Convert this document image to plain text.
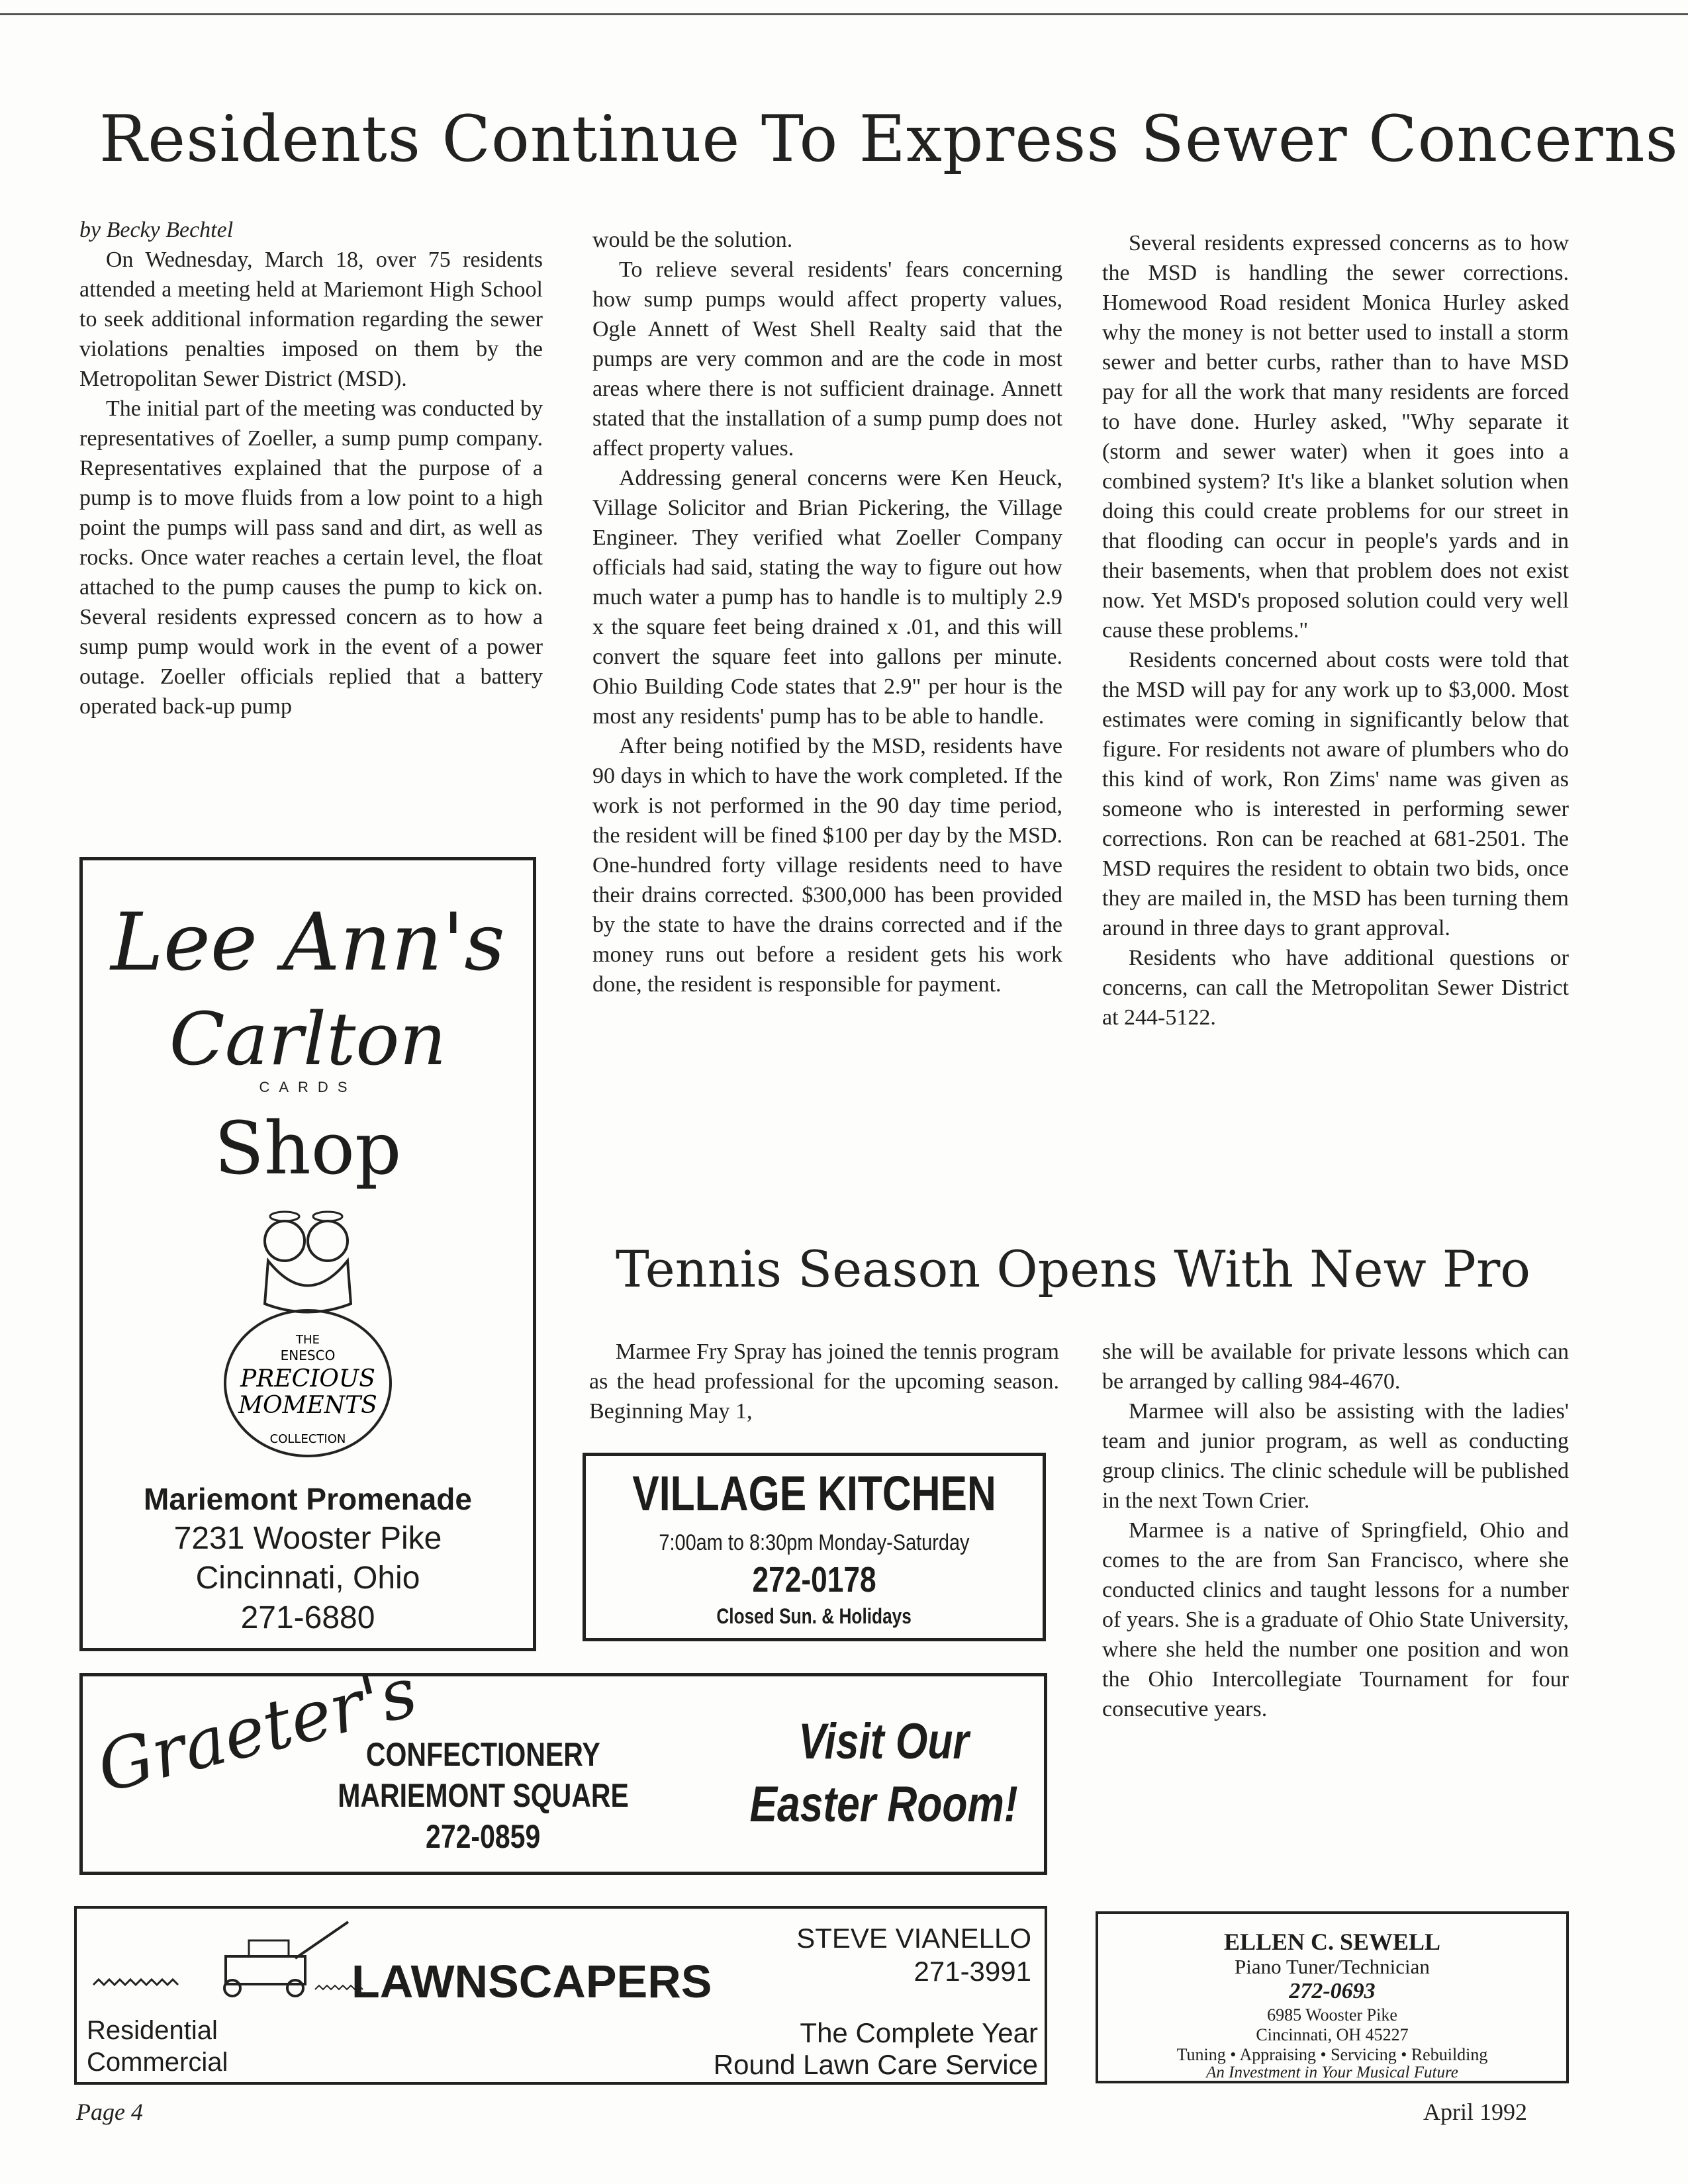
Residents Continue To Express Sewer Concerns

by Becky Bechtel

On Wednesday, March 18, over 75 residents attended a meeting held at Mariemont High School to seek additional information regarding the sewer violations penalties imposed on them by the Metropolitan Sewer District (MSD).

The initial part of the meeting was conducted by representatives of Zoeller, a sump pump company. Representatives explained that the purpose of a pump is to move fluids from a low point to a high point the pumps will pass sand and dirt, as well as rocks. Once water reaches a certain level, the float attached to the pump causes the pump to kick on. Several residents expressed concern as to how a sump pump would work in the event of a power outage. Zoeller officials replied that a battery operated back-up pump

would be the solution.

To relieve several residents' fears concerning how sump pumps would affect property values, Ogle Annett of West Shell Realty said that the pumps are very common and are the code in most areas where there is not sufficient drainage. Annett stated that the installation of a sump pump does not affect property values.

Addressing general concerns were Ken Heuck, Village Solicitor and Brian Pickering, the Village Engineer. They verified what Zoeller Company officials had said, stating the way to figure out how much water a pump has to handle is to multiply 2.9 x the square feet being drained x .01, and this will convert the square feet into gallons per minute. Ohio Building Code states that 2.9" per hour is the most any residents' pump has to be able to handle.

After being notified by the MSD, residents have 90 days in which to have the work completed. If the work is not performed in the 90 day time period, the resident will be fined $100 per day by the MSD. One-hundred forty village residents need to have their drains corrected. $300,000 has been provided by the state to have the drains corrected and if the money runs out before a resident gets his work done, the resident is responsible for payment.

Several residents expressed concerns as to how the MSD is handling the sewer corrections. Homewood Road resident Monica Hurley asked why the money is not better used to install a storm sewer and better curbs, rather than to have MSD pay for all the work that many residents are forced to have done. Hurley asked, "Why separate it (storm and sewer water) when it goes into a combined system? It's like a blanket solution when doing this could create problems for our street in that flooding can occur in people's yards and in their basements, when that problem does not exist now. Yet MSD's proposed solution could very well cause these problems."

Residents concerned about costs were told that the MSD will pay for any work up to $3,000. Most estimates were coming in significantly below that figure. For residents not aware of plumbers who do this kind of work, Ron Zims' name was given as someone who is interested in performing sewer corrections. Ron can be reached at 681-2501. The MSD requires the resident to obtain two bids, once they are mailed in, the MSD has been turning them around in three days to grant approval.

Residents who have additional questions or concerns, can call the Metropolitan Sewer District at 244-5122.

Lee Ann's
Carlton
CARDS
Shop
THE
ENESCO
PRECIOUS
MOMENTS
COLLECTION
Mariemont Promenade
7231 Wooster Pike
Cincinnati, Ohio
271-6880
Tennis Season Opens With New Pro

Marmee Fry Spray has joined the tennis program as the head professional for the upcoming season. Beginning May 1,

she will be available for private lessons which can be arranged by calling 984-4670.

Marmee will also be assisting with the ladies' team and junior program, as well as conducting group clinics. The clinic schedule will be published in the next Town Crier.

Marmee is a native of Springfield, Ohio and comes to the are from San Francisco, where she conducted clinics and taught lessons for a number of years. She is a graduate of Ohio State University, where she held the number one position and won the Ohio Intercollegiate Tournament for four consecutive years.

VILLAGE KITCHEN
7:00am to 8:30pm Monday-Saturday
272-0178
Closed Sun. & Holidays
Graeter's
CONFECTIONERY
MARIEMONT SQUARE
272-0859
Visit Our
Easter Room!
LAWNSCAPERS
STEVE VIANELLO
271-3991
Residential
Commercial
The Complete Year
Round Lawn Care Service
ELLEN C. SEWELL
Piano Tuner/Technician
272-0693
6985 Wooster Pike
Cincinnati, OH 45227
Tuning • Appraising • Servicing • Rebuilding
An Investment in Your Musical Future
Page 4	April 1992
